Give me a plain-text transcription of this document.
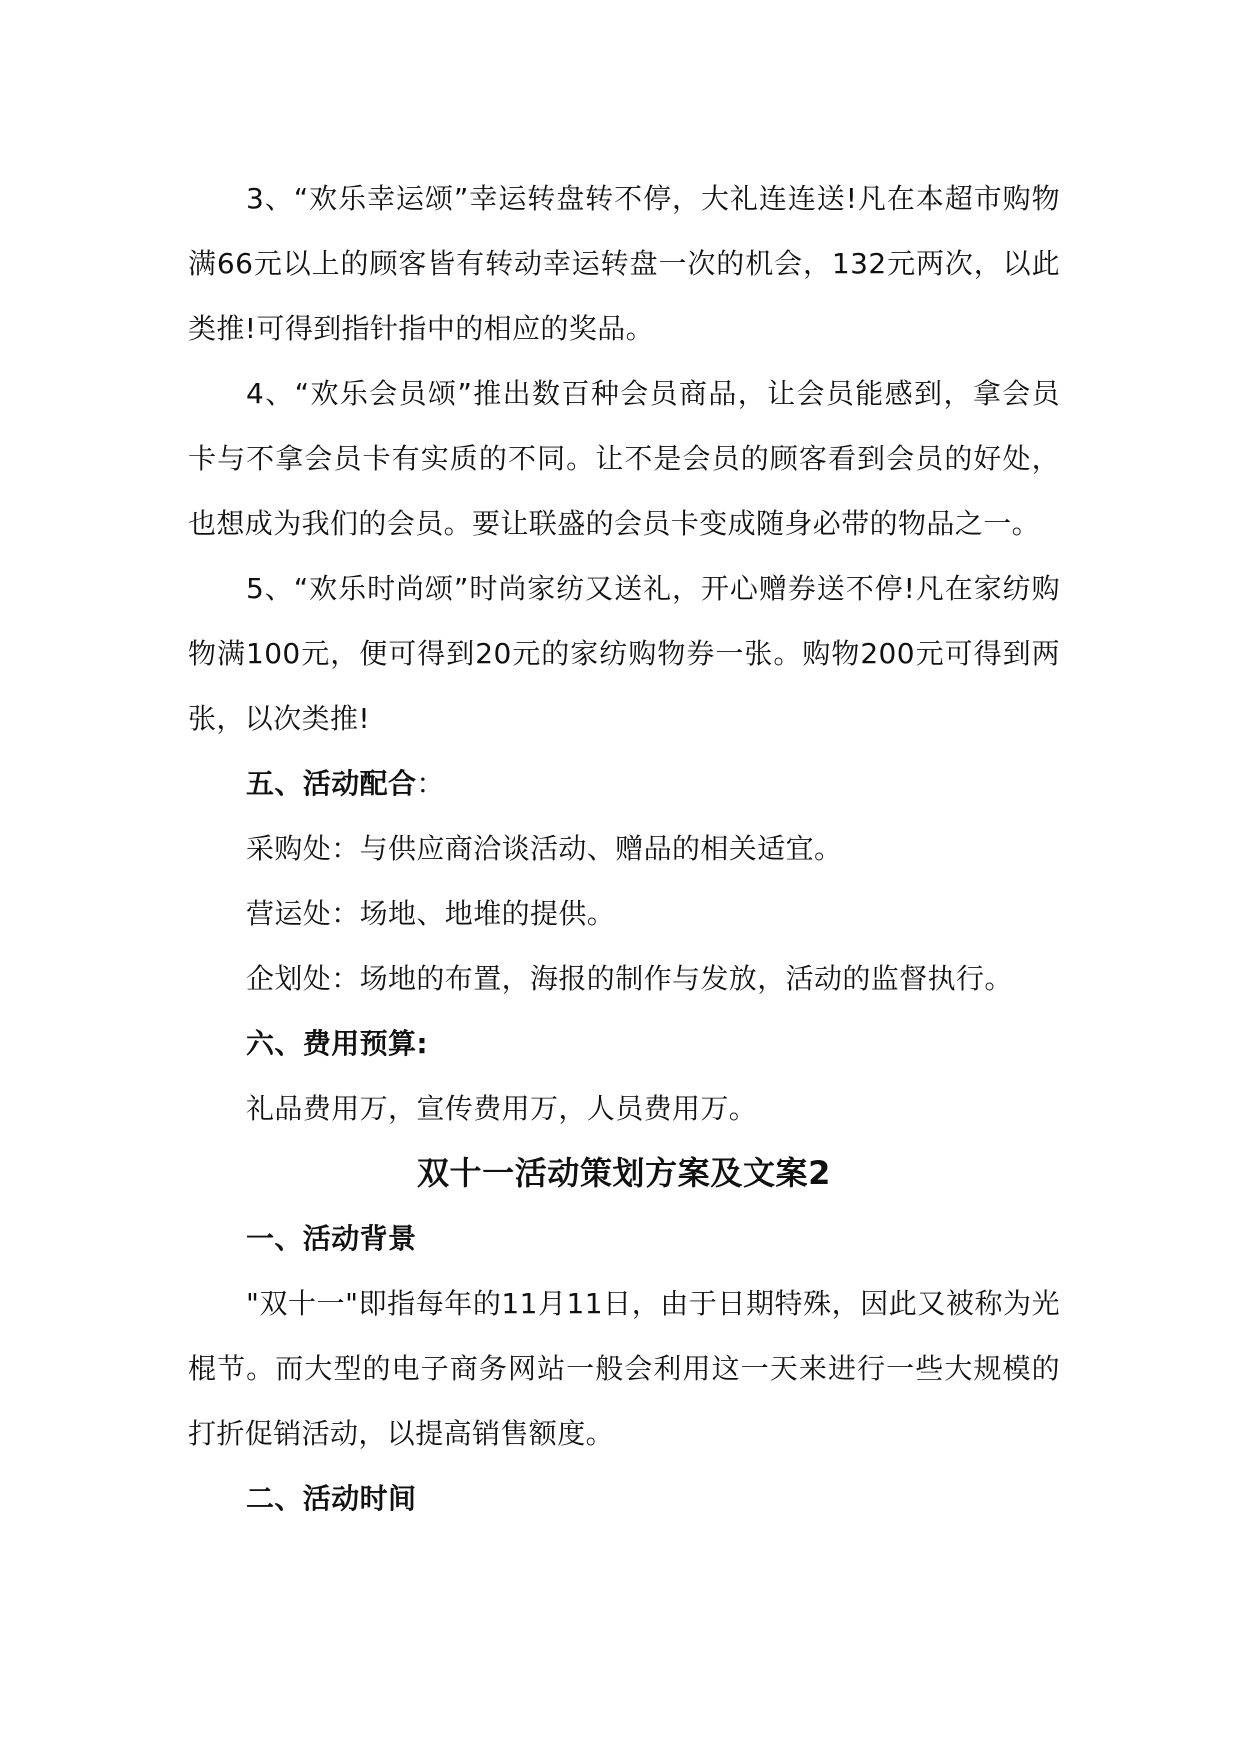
3、“欢乐幸运颂”幸运转盘转不停，大礼连连送!凡在本超市购物满66元以上的顾客皆有转动幸运转盘一次的机会，132元两次，以此类推!可得到指针指中的相应的奖品。

4、“欢乐会员颂”推出数百种会员商品，让会员能感到，拿会员卡与不拿会员卡有实质的不同。让不是会员的顾客看到会员的好处，也想成为我们的会员。要让联盛的会员卡变成随身必带的物品之一。

5、“欢乐时尚颂”时尚家纺又送礼，开心赠券送不停!凡在家纺购物满100元，便可得到20元的家纺购物券一张。购物200元可得到两张，以次类推!

五、活动配合：

采购处：与供应商洽谈活动、赠品的相关适宜。

营运处：场地、地堆的提供。

企划处：场地的布置，海报的制作与发放，活动的监督执行。

六、费用预算:

礼品费用万，宣传费用万，人员费用万。

双十一活动策划方案及文案2

一、活动背景

"双十一"即指每年的11月11日，由于日期特殊，因此又被称为光棍节。而大型的电子商务网站一般会利用这一天来进行一些大规模的打折促销活动，以提高销售额度。

二、活动时间
